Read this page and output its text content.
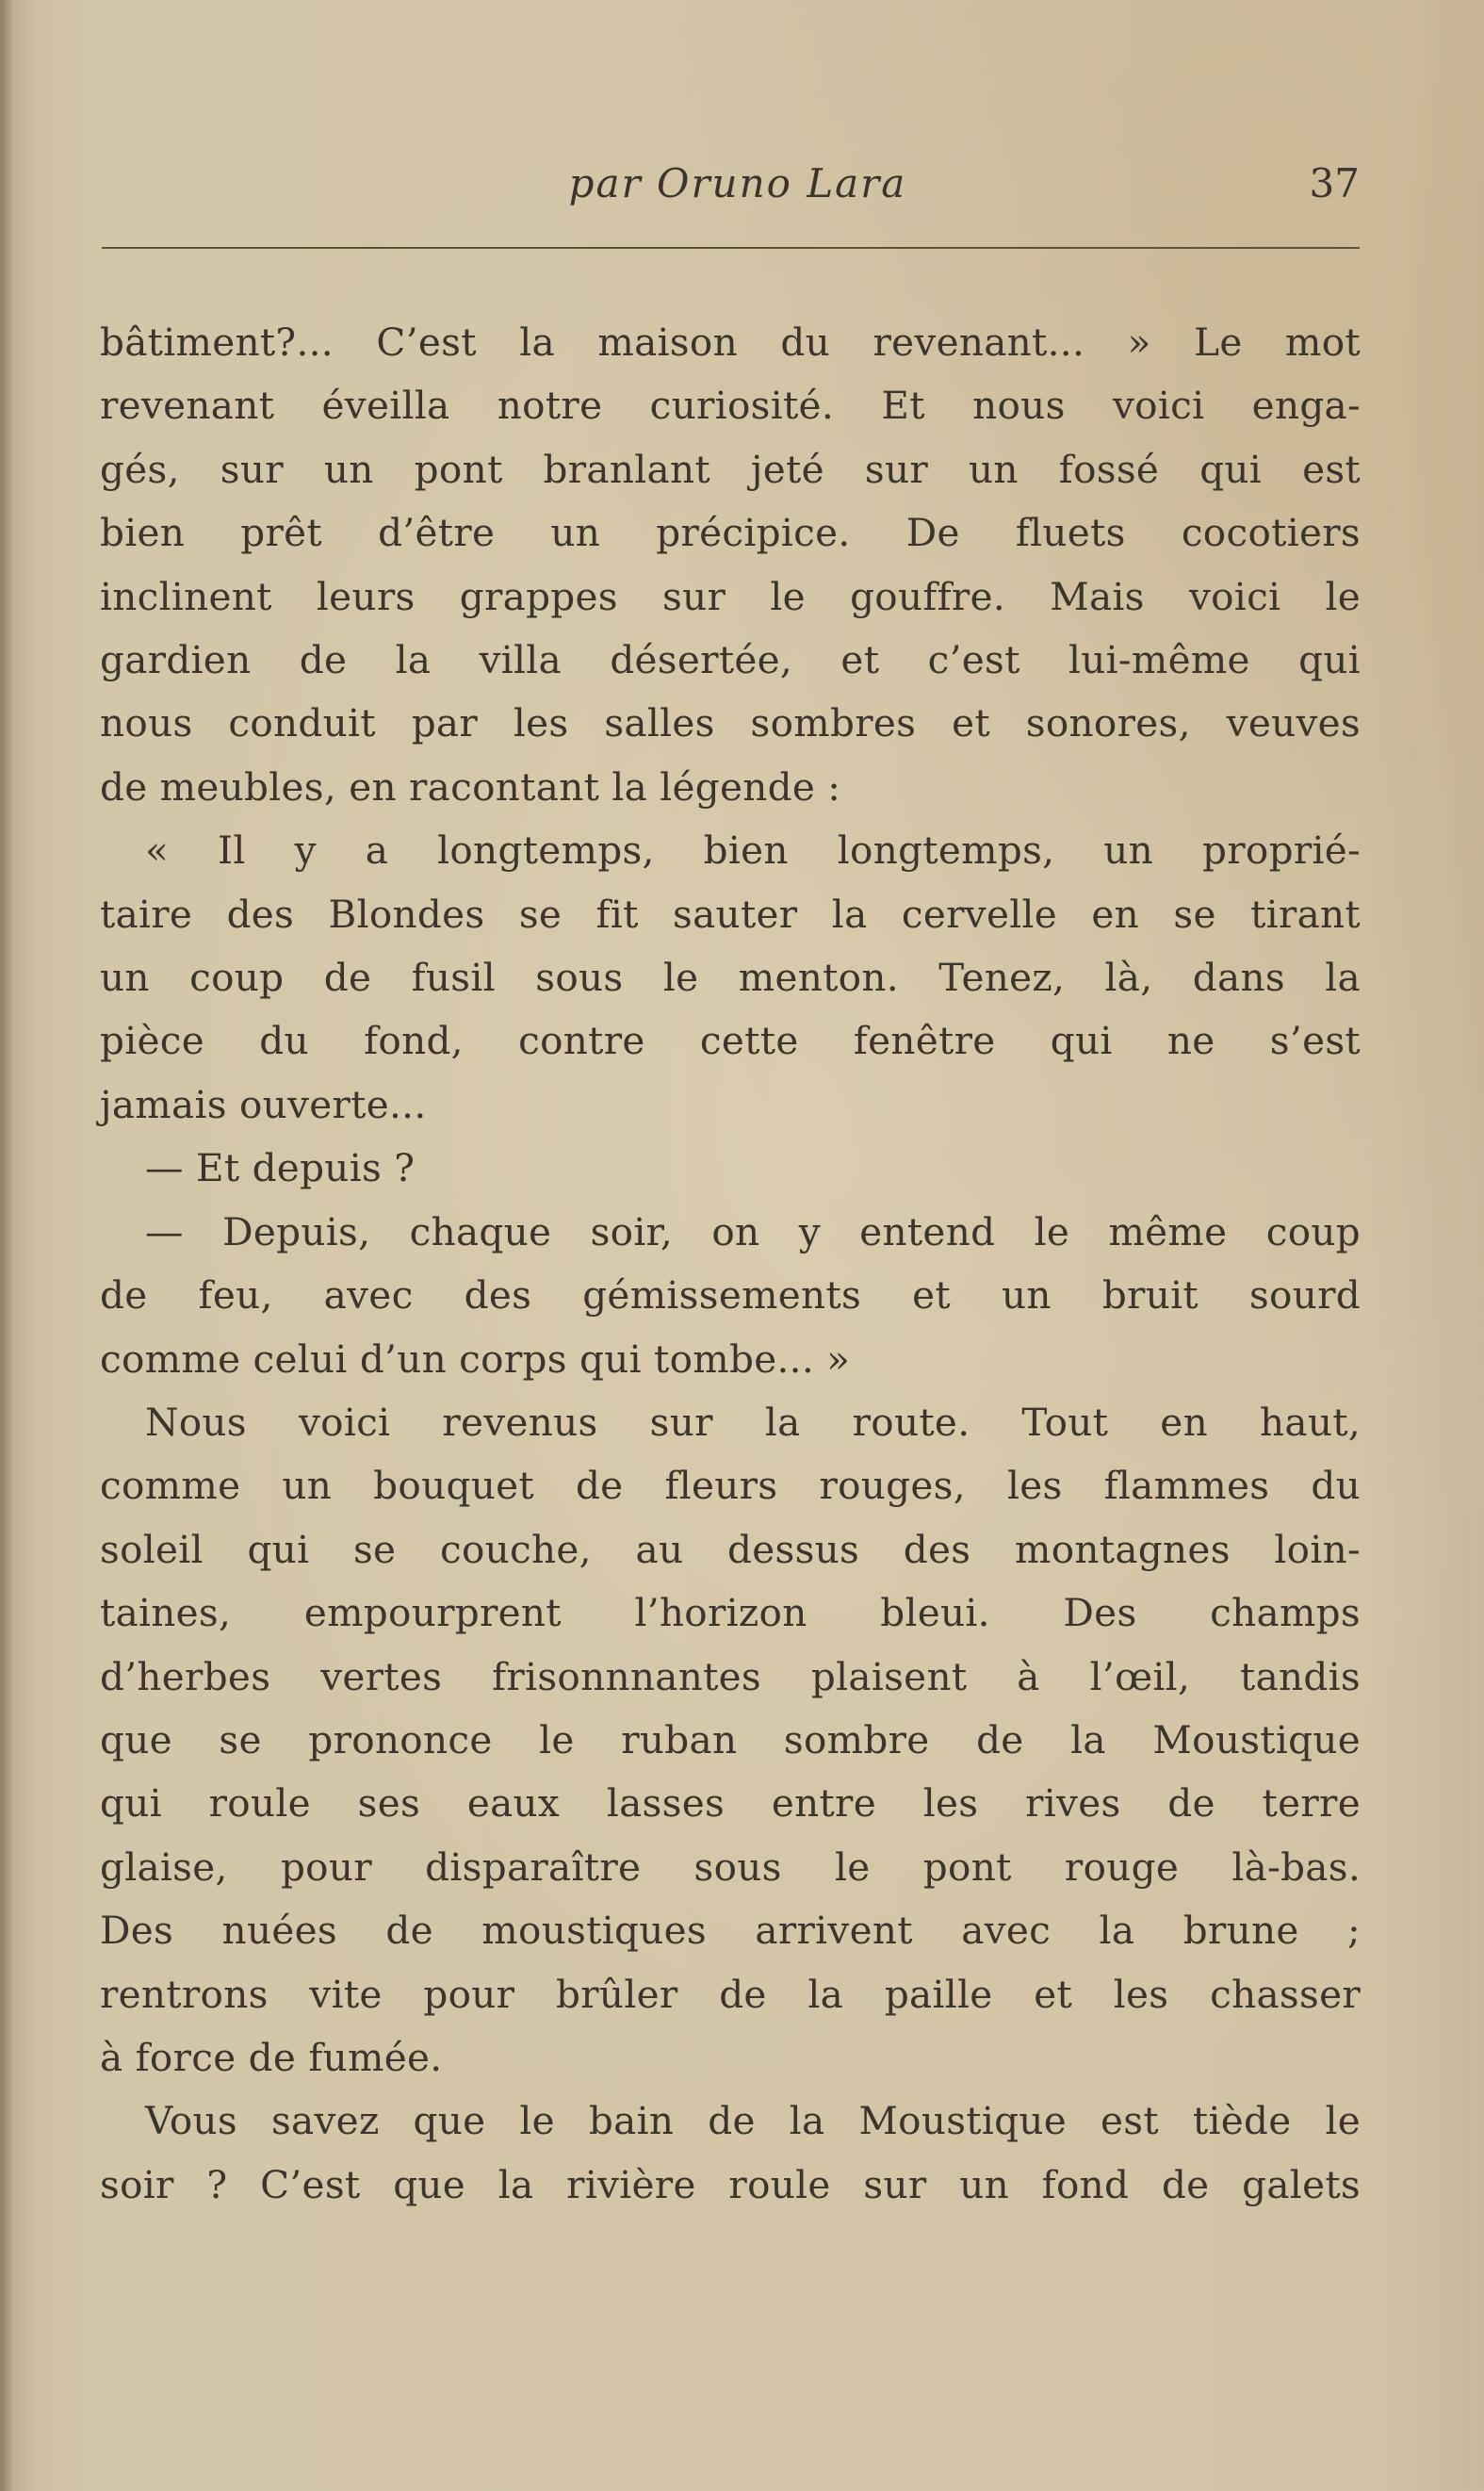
par Oruno Lara	37

bâtiment?... C’est la maison du revenant... » Le mot

revenant éveilla notre curiosité. Et nous voici enga-

gés, sur un pont branlant jeté sur un fossé qui est

bien prêt d’être un précipice. De fluets cocotiers

inclinent leurs grappes sur le gouffre. Mais voici le

gardien de la villa désertée, et c’est lui-même qui

nous conduit par les salles sombres et sonores, veuves

de meubles, en racontant la légende :

« Il y a longtemps, bien longtemps, un proprié-

taire des Blondes se fit sauter la cervelle en se tirant

un coup de fusil sous le menton. Tenez, là, dans la

pièce du fond, contre cette fenêtre qui ne s’est

jamais ouverte...

— Et depuis ?

— Depuis, chaque soir, on y entend le même coup

de feu, avec des gémissements et un bruit sourd

comme celui d’un corps qui tombe... »

Nous voici revenus sur la route. Tout en haut,

comme un bouquet de fleurs rouges, les flammes du

soleil qui se couche, au dessus des montagnes loin-

taines, empourprent l’horizon bleui. Des champs

d’herbes vertes frisonnnantes plaisent à l’œil, tandis

que se prononce le ruban sombre de la Moustique

qui roule ses eaux lasses entre les rives de terre

glaise, pour disparaître sous le pont rouge là-bas.

Des nuées de moustiques arrivent avec la brune ;

rentrons vite pour brûler de la paille et les chasser

à force de fumée.

Vous savez que le bain de la Moustique est tiède le

soir ? C’est que la rivière roule sur un fond de galets
